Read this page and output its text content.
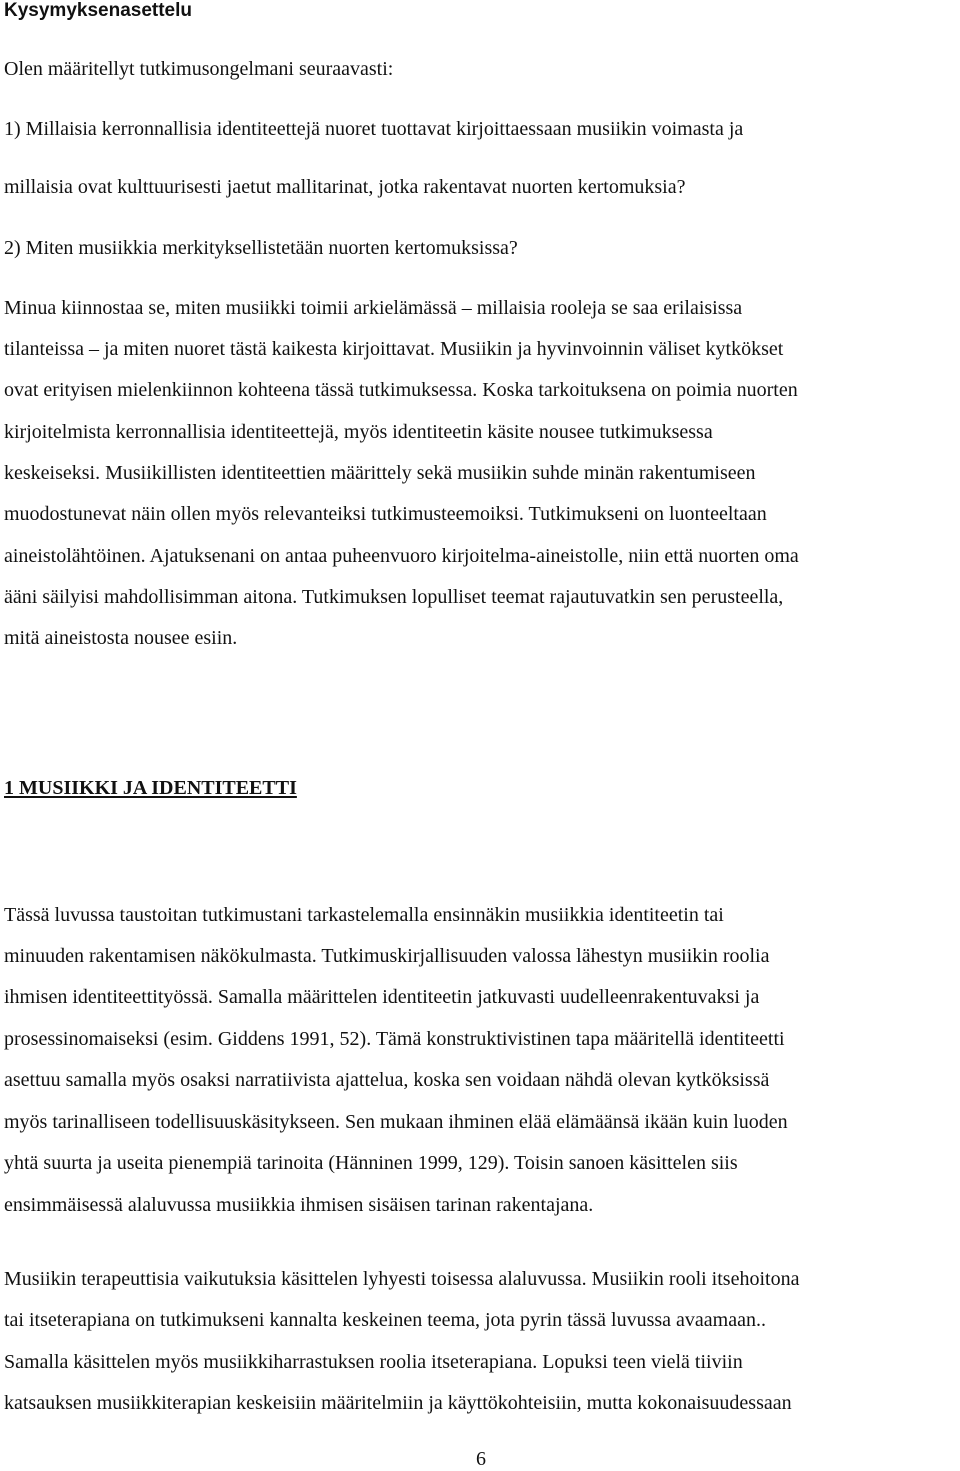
Kysymyksenasettelu
Olen määritellyt tutkimusongelmani seuraavasti:
1) Millaisia kerronnallisia identiteettejä nuoret tuottavat kirjoittaessaan musiikin voimasta ja
millaisia ovat kulttuurisesti jaetut mallitarinat, jotka rakentavat nuorten kertomuksia?
2) Miten musiikkia merkityksellistetään nuorten kertomuksissa?
Minua kiinnostaa se, miten musiikki toimii arkielämässä – millaisia rooleja se saa erilaisissa
tilanteissa – ja miten nuoret tästä kaikesta kirjoittavat. Musiikin ja hyvinvoinnin väliset kytkökset
ovat erityisen mielenkiinnon kohteena tässä tutkimuksessa. Koska tarkoituksena on poimia nuorten
kirjoitelmista kerronnallisia identiteettejä, myös identiteetin käsite nousee tutkimuksessa
keskeiseksi. Musiikillisten identiteettien määrittely sekä musiikin suhde minän rakentumiseen
muodostunevat näin ollen myös relevanteiksi tutkimusteemoiksi. Tutkimukseni on luonteeltaan
aineistolähtöinen. Ajatuksenani on antaa puheenvuoro kirjoitelma-aineistolle, niin että nuorten oma
ääni säilyisi mahdollisimman aitona. Tutkimuksen lopulliset teemat rajautuvatkin sen perusteella,
mitä aineistosta nousee esiin.
1 MUSIIKKI JA IDENTITEETTI
Tässä luvussa taustoitan tutkimustani tarkastelemalla ensinnäkin musiikkia identiteetin tai
minuuden rakentamisen näkökulmasta. Tutkimuskirjallisuuden valossa lähestyn musiikin roolia
ihmisen identiteettityössä. Samalla määrittelen identiteetin jatkuvasti uudelleenrakentuvaksi ja
prosessinomaiseksi (esim. Giddens 1991, 52). Tämä konstruktivistinen tapa määritellä identiteetti
asettuu samalla myös osaksi narratiivista ajattelua, koska sen voidaan nähdä olevan kytköksissä
myös tarinalliseen todellisuuskäsitykseen. Sen mukaan ihminen elää elämäänsä ikään kuin luoden
yhtä suurta ja useita pienempiä tarinoita (Hänninen 1999, 129). Toisin sanoen käsittelen siis
ensimmäisessä alaluvussa musiikkia ihmisen sisäisen tarinan rakentajana.
Musiikin terapeuttisia vaikutuksia käsittelen lyhyesti toisessa alaluvussa. Musiikin rooli itsehoitona
tai itseterapiana on tutkimukseni kannalta keskeinen teema, jota pyrin tässä luvussa avaamaan..
Samalla käsittelen myös musiikkiharrastuksen roolia itseterapiana. Lopuksi teen vielä tiiviin
katsauksen musiikkiterapian keskeisiin määritelmiin ja käyttökohteisiin, mutta kokonaisuudessaan
6
